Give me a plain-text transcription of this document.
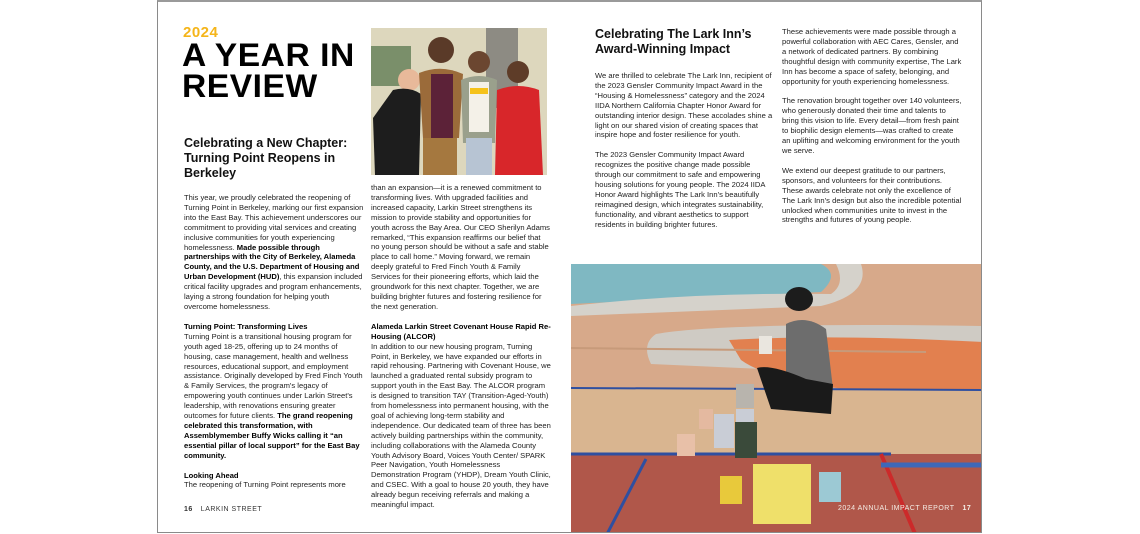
2024
A YEAR IN
REVIEW
Celebrating a New Chapter: Turning Point Reopens in Berkeley

This year, we proudly celebrated the reopening of Turning Point in Berkeley, marking our first expansion into the East Bay. This achievement underscores our commitment to providing vital services and creating inclusive communities for youth experiencing homelessness. Made possible through partnerships with the City of Berkeley, Alameda County, and the U.S. Department of Housing and Urban Development (HUD), this expansion included critical facility upgrades and program enhancements, laying a strong foundation for helping youth overcome homelessness.

Turning Point: Transforming Lives
Turning Point is a transitional housing program for youth aged 18-25, offering up to 24 months of housing, case management, health and wellness resources, educational support, and employment assistance. Originally developed by Fred Finch Youth & Family Services, the program's legacy of empowering youth continues under Larkin Street's leadership, with renovations ensuring greater outcomes for future clients. The grand reopening celebrated this transformation, with Assemblymember Buffy Wicks calling it “an essential pillar of local support” for the East Bay community.

Looking Ahead
The reopening of Turning Point represents more

than an expansion—it is a renewed commitment to transforming lives. With upgraded facilities and increased capacity, Larkin Street strengthens its mission to provide stability and opportunities for youth across the Bay Area. Our CEO Sherilyn Adams remarked, “This expansion reaffirms our belief that no young person should be without a safe and stable place to call home.” Moving forward, we remain deeply grateful to Fred Finch Youth & Family Services for their pioneering efforts, which laid the groundwork for this next chapter. Together, we are building brighter futures and fostering resilience for the next generation.

Alameda Larkin Street Covenant House Rapid Re-Housing (ALCOR)
In addition to our new housing program, Turning Point, in Berkeley, we have expanded our efforts in rapid rehousing. Partnering with Covenant House, we launched a graduated rental subsidy program to support youth in the East Bay. The ALCOR program is designed to transition TAY (Transition-Aged-Youth) from homelessness into permanent housing, with the goal of achieving long-term stability and independence. Our dedicated team of three has been actively building partnerships within the community, including collaborations with the Alameda County Youth Advisory Board, Voices Youth Center/ SPARK Peer Navigation, Youth Homelessness Demonstration Program (YHDP), Dream Youth Clinic, and CSEC. With a goal to house 20 youth, they have already begun receiving referrals and making a meaningful impact.

16 LARKIN STREET
Celebrating The Lark Inn’s Award-Winning Impact

We are thrilled to celebrate The Lark Inn, recipient of the 2023 Gensler Community Impact Award in the “Housing & Homelessness” category and the 2024 IIDA Northern California Chapter Honor Award for outstanding interior design. These accolades shine a light on our shared vision of creating spaces that inspire hope and foster resilience for youth.

The 2023 Gensler Community Impact Award recognizes the positive change made possible through our commitment to safe and empowering housing solutions for young people. The 2024 IIDA Honor Award highlights The Lark Inn’s beautifully reimagined design, which integrates sustainability, functionality, and vibrant aesthetics to support residents in building brighter futures.

These achievements were made possible through a powerful collaboration with AEC Cares, Gensler, and a network of dedicated partners. By combining thoughtful design with community expertise, The Lark Inn has become a space of safety, belonging, and opportunity for youth experiencing homelessness.

The renovation brought together over 140 volunteers, who generously donated their time and talents to bring this vision to life. Every detail—from fresh paint to biophilic design elements—was crafted to create an uplifting and welcoming environment for the youth we serve.

We extend our deepest gratitude to our partners, sponsors, and volunteers for their contributions. These awards celebrate not only the excellence of The Lark Inn’s design but also the incredible potential unlocked when communities unite to invest in the strengths and futures of young people.

2024 ANNUAL IMPACT REPORT 17
